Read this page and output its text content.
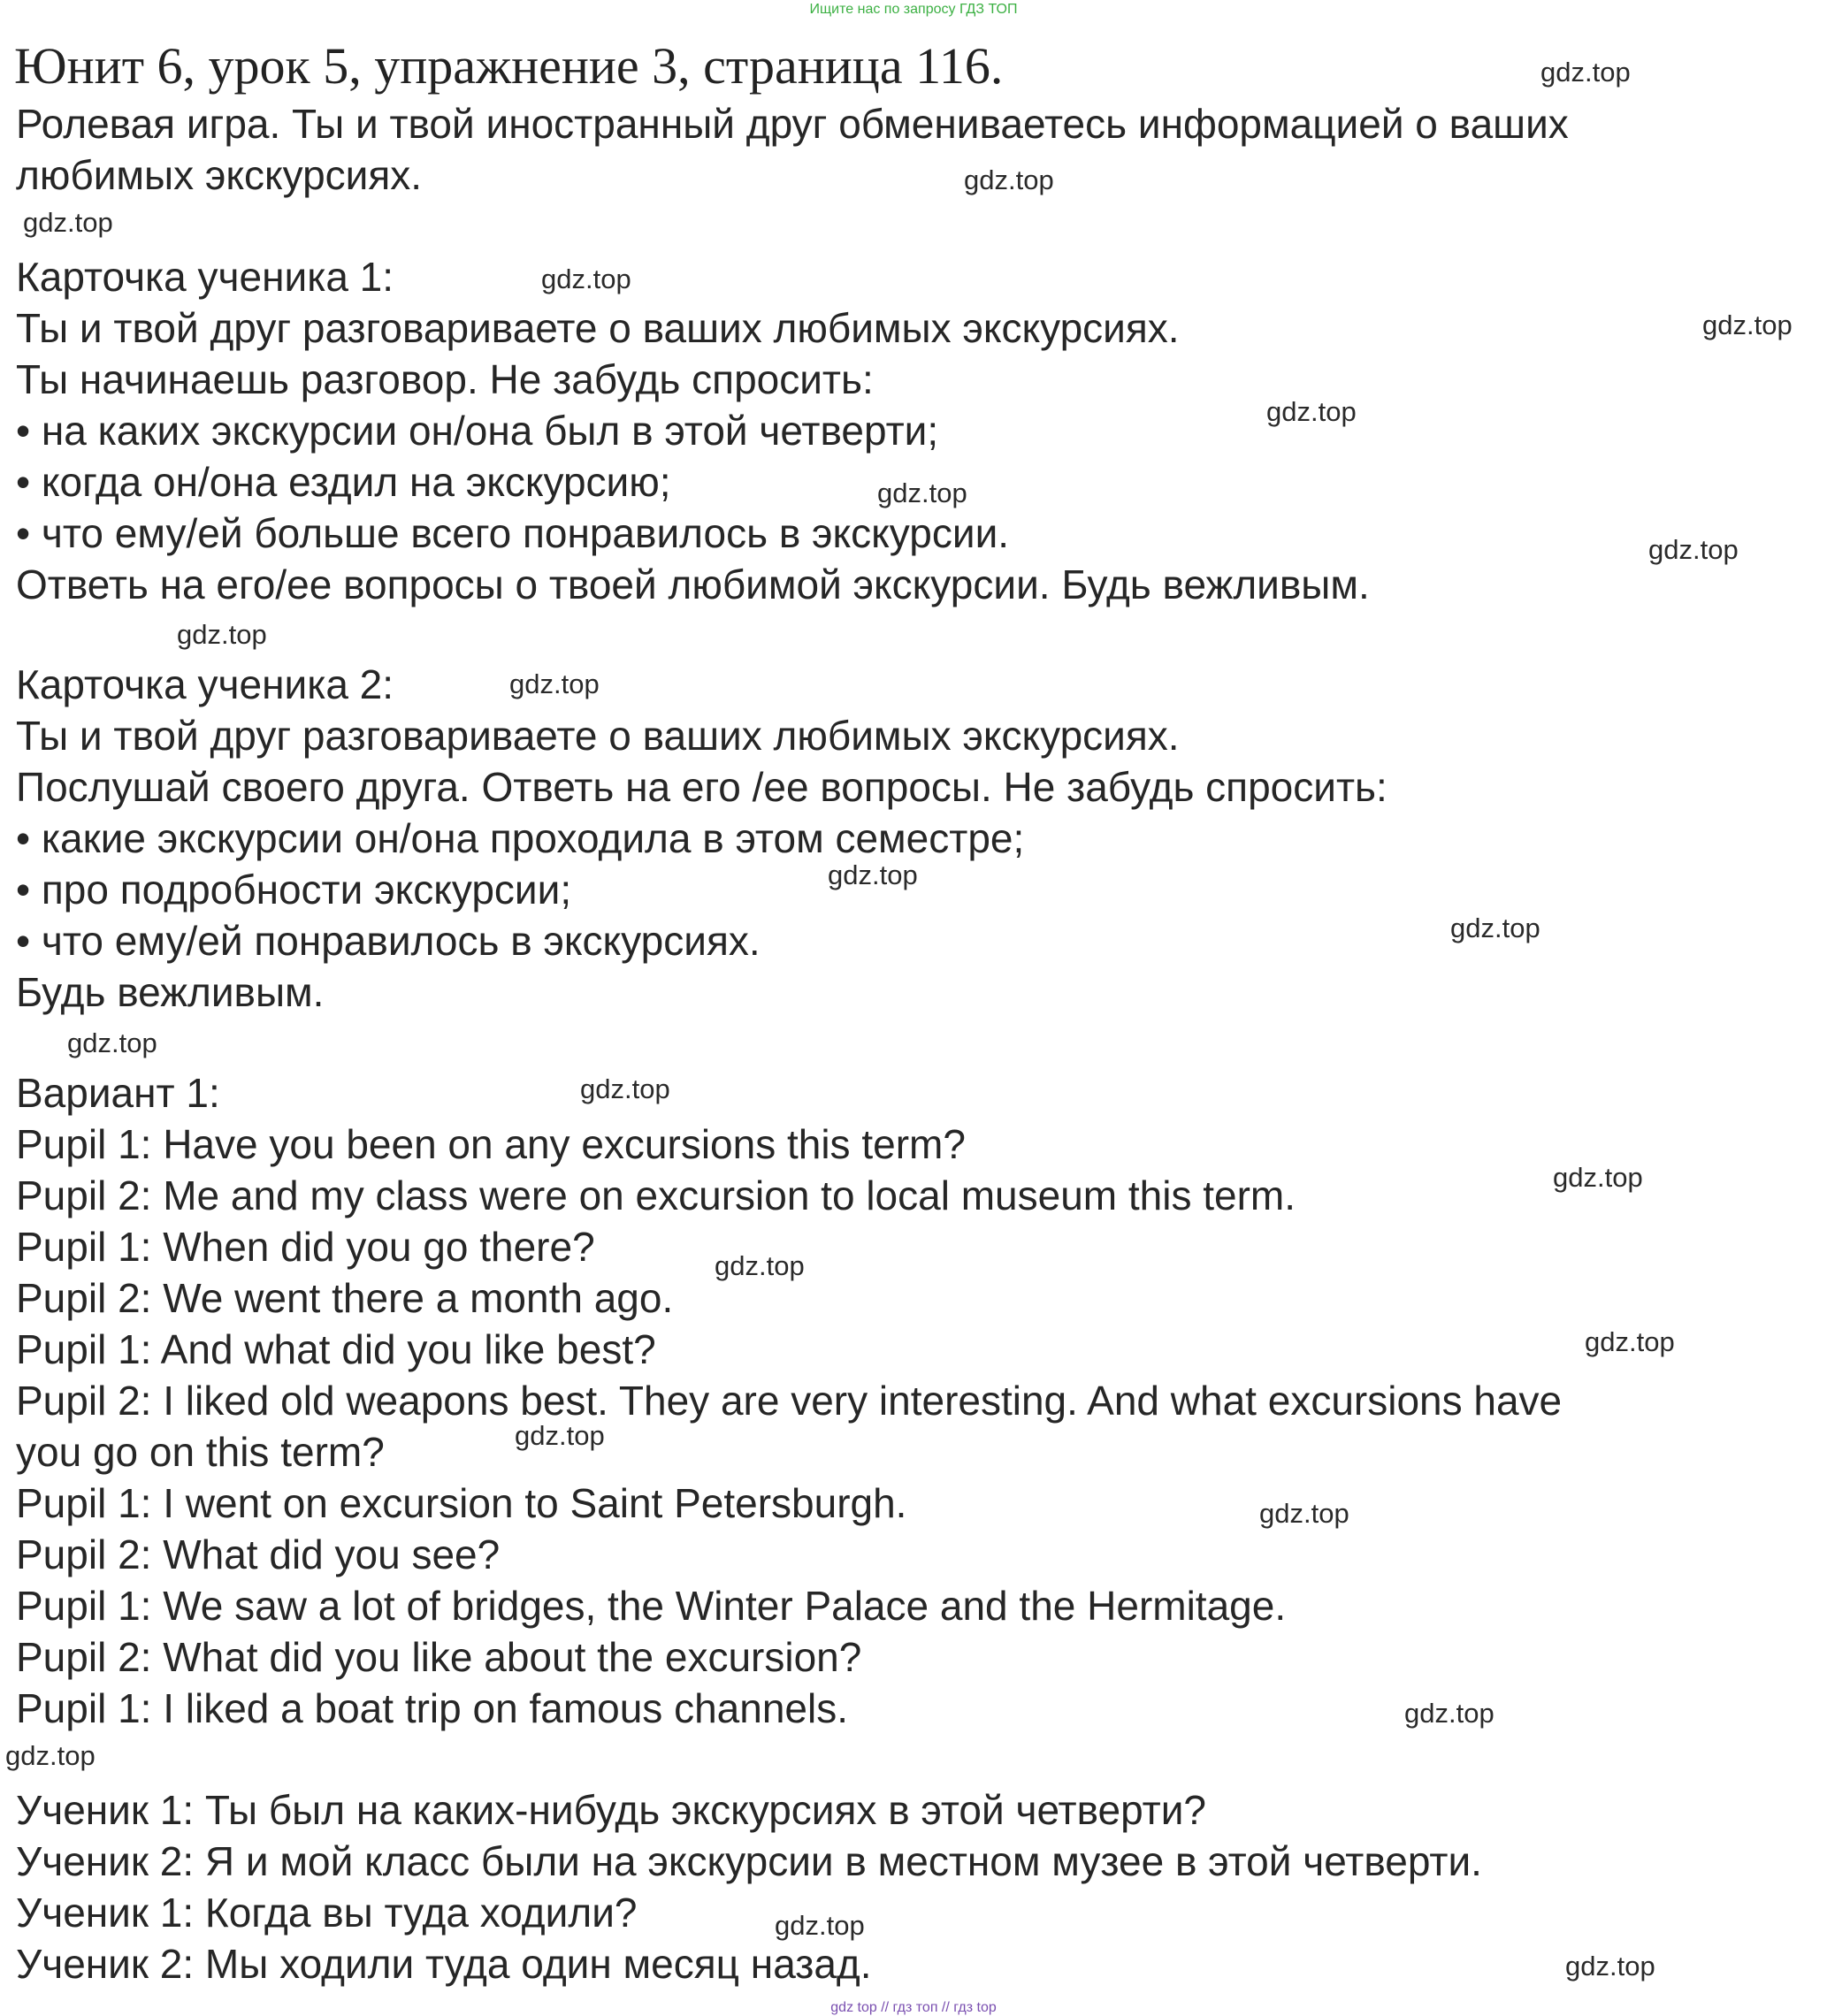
Ищите нас по запросу ГДЗ ТОП
Юнит 6, урок 5, упражнение 3, страница 116.
Ролевая игра. Ты и твой иностранный друг обмениваетесь информацией о ваших
любимых экскурсиях.
Карточка ученика 1:
Ты и твой друг разговариваете о ваших любимых экскурсиях.
Ты начинаешь разговор. Не забудь спросить:
• на каких экскурсии он/она был в этой четверти;
• когда он/она ездил на экскурсию;
• что ему/ей больше всего понравилось в экскурсии.
Ответь на его/ее вопросы о твоей любимой экскурсии. Будь вежливым.
Карточка ученика 2:
Ты и твой друг разговариваете о ваших любимых экскурсиях.
Послушай своего друга. Ответь на его /ее вопросы. Не забудь спросить:
• какие экскурсии он/она проходила в этом семестре;
• про подробности экскурсии;
• что ему/ей понравилось в экскурсиях.
Будь вежливым.
Вариант 1:
Pupil 1: Have you been on any excursions this term?
Pupil 2: Me and my class were on excursion to local museum this term.
Pupil 1: When did you go there?
Pupil 2: We went there a month ago.
Pupil 1: And what did you like best?
Pupil 2: I liked old weapons best. They are very interesting. And what excursions have
you go on this term?
Pupil 1: I went on excursion to Saint Petersburgh.
Pupil 2: What did you see?
Pupil 1: We saw a lot of bridges, the Winter Palace and the Hermitage.
Pupil 2: What did you like about the excursion?
Pupil 1: I liked a boat trip on famous channels.
Ученик 1: Ты был на каких-нибудь экскурсиях в этой четверти?
Ученик 2: Я и мой класс были на экскурсии в местном музее в этой четверти.
Ученик 1: Когда вы туда ходили?
Ученик 2: Мы ходили туда один месяц назад.
gdz.top
gdz.top
gdz.top
gdz.top
gdz.top
gdz.top
gdz.top
gdz.top
gdz.top
gdz.top
gdz.top
gdz.top
gdz.top
gdz.top
gdz.top
gdz.top
gdz.top
gdz.top
gdz.top
gdz.top
gdz.top
gdz.top
gdz.top
gdz top // гдз топ // гдз top
